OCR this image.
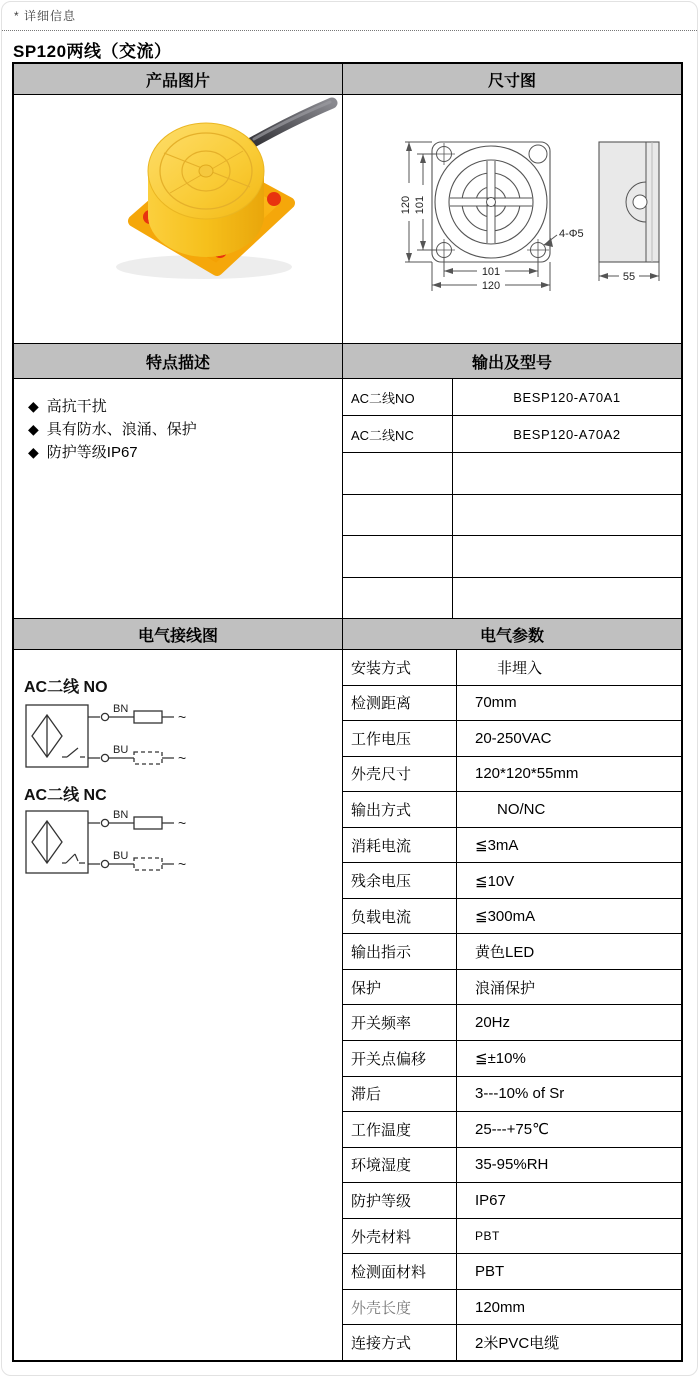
* 详细信息
SP120两线（交流）
产品图片	尺寸图
120 101
101
120
4-Φ5
55
特点描述	输出及型号
◆ 高抗干扰
◆ 具有防水、浪涌、保护
◆ 防护等级IP67
AC二线NO	BESP120-A70A1
AC二线NC	BESP120-A70A2
电气接线图	电气参数
AC二线 NO
BN
BU
~
~
AC二线 NC
BN
BU
~
~
安装方式	非埋入
检测距离	70mm
工作电压	20-250VAC
外壳尺寸	120*120*55mm
输出方式	NO/NC
消耗电流	≦3mA
残余电压	≦10V
负载电流	≦300mA
输出指示	黄色LED
保护	浪涌保护
开关频率	20Hz
开关点偏移	≦±10%
滞后	3---10% of Sr
工作温度	25---+75℃
环境湿度	35-95%RH
防护等级	IP67
外壳材料	PBT
检测面材料	PBT
外壳长度	120mm
连接方式	2米PVC电缆
